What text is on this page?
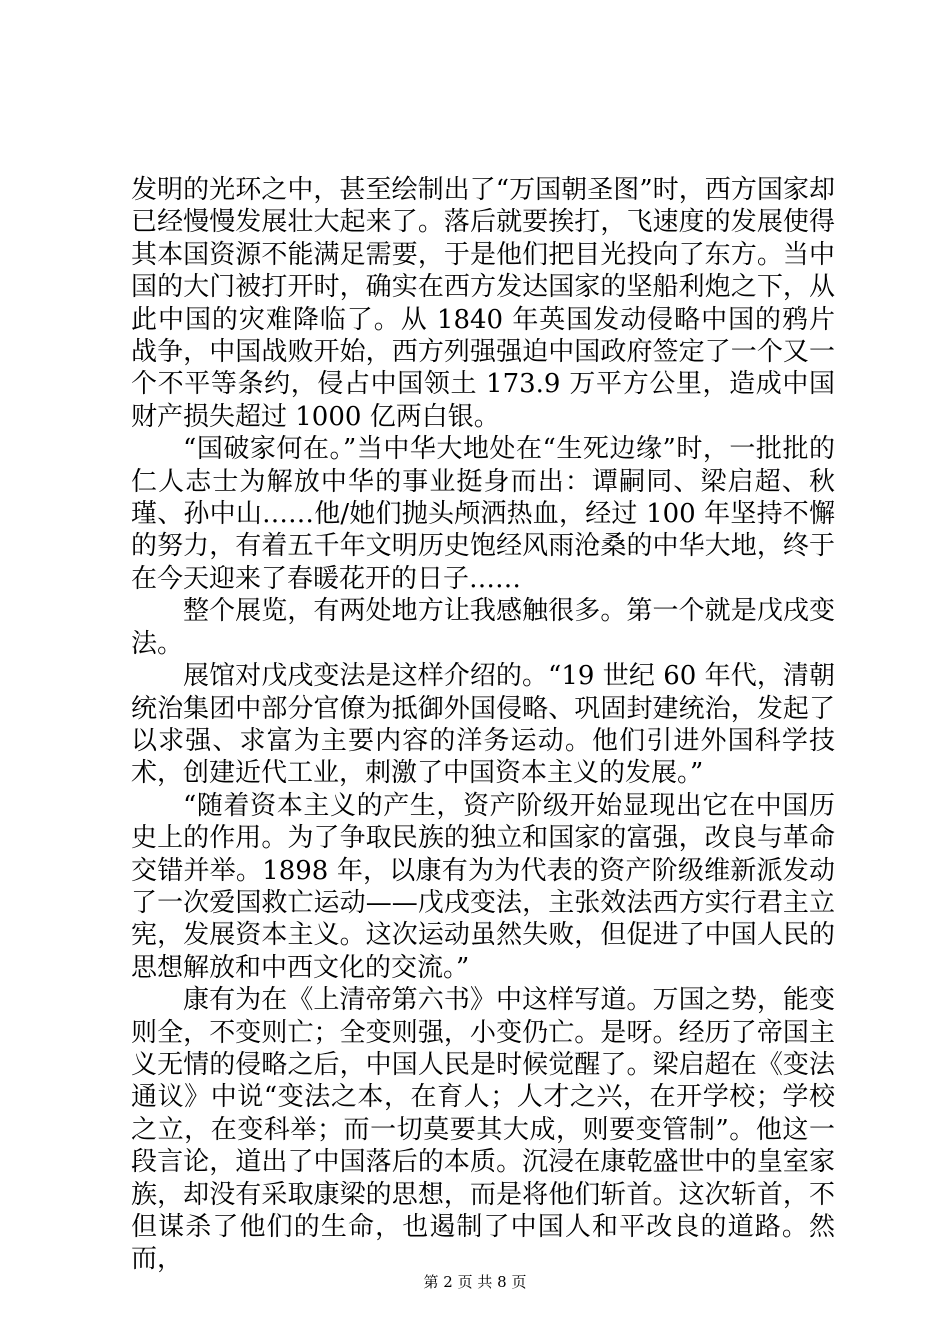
发明的光环之中，甚至绘制出了“万国朝圣图”时，西方国家却已经慢慢发展壮大起来了。落后就要挨打，飞速度的发展使得其本国资源不能满足需要，于是他们把目光投向了东方。当中国的大门被打开时，确实在西方发达国家的坚船利炮之下，从此中国的灾难降临了。从 1840 年英国发动侵略中国的鸦片战争，中国战败开始，西方列强强迫中国政府签定了一个又一个不平等条约，侵占中国领土 173.9 万平方公里，造成中国财产损失超过 1000 亿两白银。

“国破家何在。”当中华大地处在“生死边缘”时，一批批的仁人志士为解放中华的事业挺身而出：谭嗣同、梁启超、秋瑾、孙中山……他/她们抛头颅洒热血，经过 100 年坚持不懈的努力，有着五千年文明历史饱经风雨沧桑的中华大地，终于在今天迎来了春暖花开的日子……

整个展览，有两处地方让我感触很多。第一个就是戊戌变法。

展馆对戊戌变法是这样介绍的。“19 世纪 60 年代，清朝统治集团中部分官僚为抵御外国侵略、巩固封建统治，发起了以求强、求富为主要内容的洋务运动。他们引进外国科学技术，创建近代工业，刺激了中国资本主义的发展。”

“随着资本主义的产生，资产阶级开始显现出它在中国历史上的作用。为了争取民族的独立和国家的富强，改良与革命交错并举。1898 年，以康有为为代表的资产阶级维新派发动了一次爱国救亡运动——戊戌变法，主张效法西方实行君主立宪，发展资本主义。这次运动虽然失败，但促进了中国人民的思想解放和中西文化的交流。”

康有为在《上清帝第六书》中这样写道。万国之势，能变则全，不变则亡；全变则强，小变仍亡。是呀。经历了帝国主义无情的侵略之后，中国人民是时候觉醒了。梁启超在《变法通议》中说“变法之本，在育人；人才之兴，在开学校；学校之立，在变科举；而一切莫要其大成，则要变管制”。他这一段言论，道出了中国落后的本质。沉浸在康乾盛世中的皇室家族，却没有采取康梁的思想，而是将他们斩首。这次斩首，不但谋杀了他们的生命，也遏制了中国人和平改良的道路。然而，

第 2 页 共 8 页
